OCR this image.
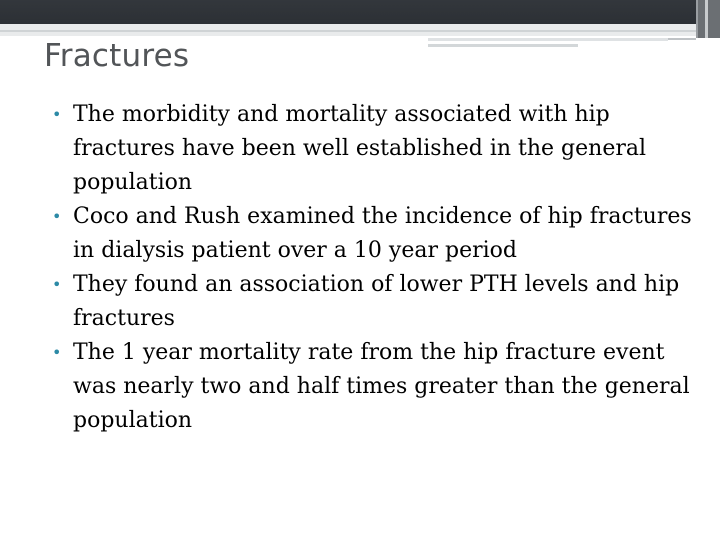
Fractures
• The morbidity and mortality associated with hip fractures have been well established in the general population
• Coco and Rush examined the incidence of hip fractures in dialysis patient over a 10 year period
• They found an association of lower PTH levels and hip fractures
• The 1 year mortality rate from the hip fracture event was nearly two and half times greater than the general population
